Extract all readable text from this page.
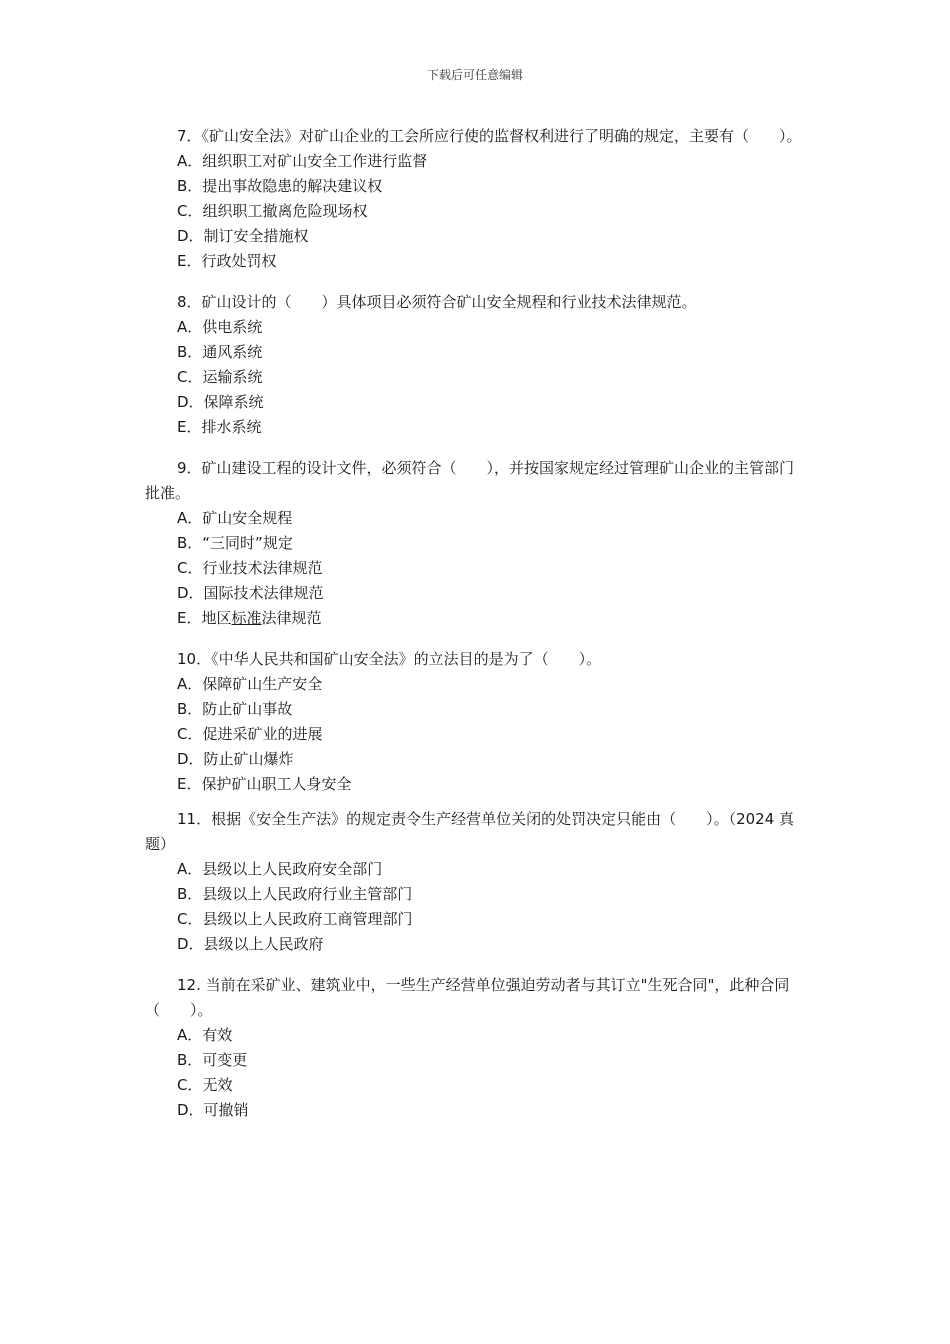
下载后可任意编辑

7．《矿山安全法》对矿山企业的工会所应行使的监督权利进行了明确的规定，主要有（　　）。

A．组织职工对矿山安全工作进行监督

B．提出事故隐患的解决建议权

C．组织职工撤离危险现场权

D．制订安全措施权

E．行政处罚权

8．矿山设计的（　　）具体项目必须符合矿山安全规程和行业技术法律规范。

A．供电系统

B．通风系统

C．运输系统

D．保障系统

E．排水系统

9．矿山建设工程的设计文件，必须符合（　　），并按国家规定经过管理矿山企业的主管部门批准。

A．矿山安全规程

B．“三同时”规定

C．行业技术法律规范

D．国际技术法律规范

E．地区标准法律规范

10．《中华人民共和国矿山安全法》的立法目的是为了（　　）。

A．保障矿山生产安全

B．防止矿山事故

C．促进采矿业的进展

D．防止矿山爆炸

E．保护矿山职工人身安全

11．根据《安全生产法》的规定责令生产经营单位关闭的处罚决定只能由（　　）。（2024 真题）

A．县级以上人民政府安全部门

B．县级以上人民政府行业主管部门

C．县级以上人民政府工商管理部门

D．县级以上人民政府

12. 当前在采矿业、建筑业中，一些生产经营单位强迫劳动者与其订立"生死合同"，此种合同（　　）。

A．有效

B．可变更

C．无效

D．可撤销
